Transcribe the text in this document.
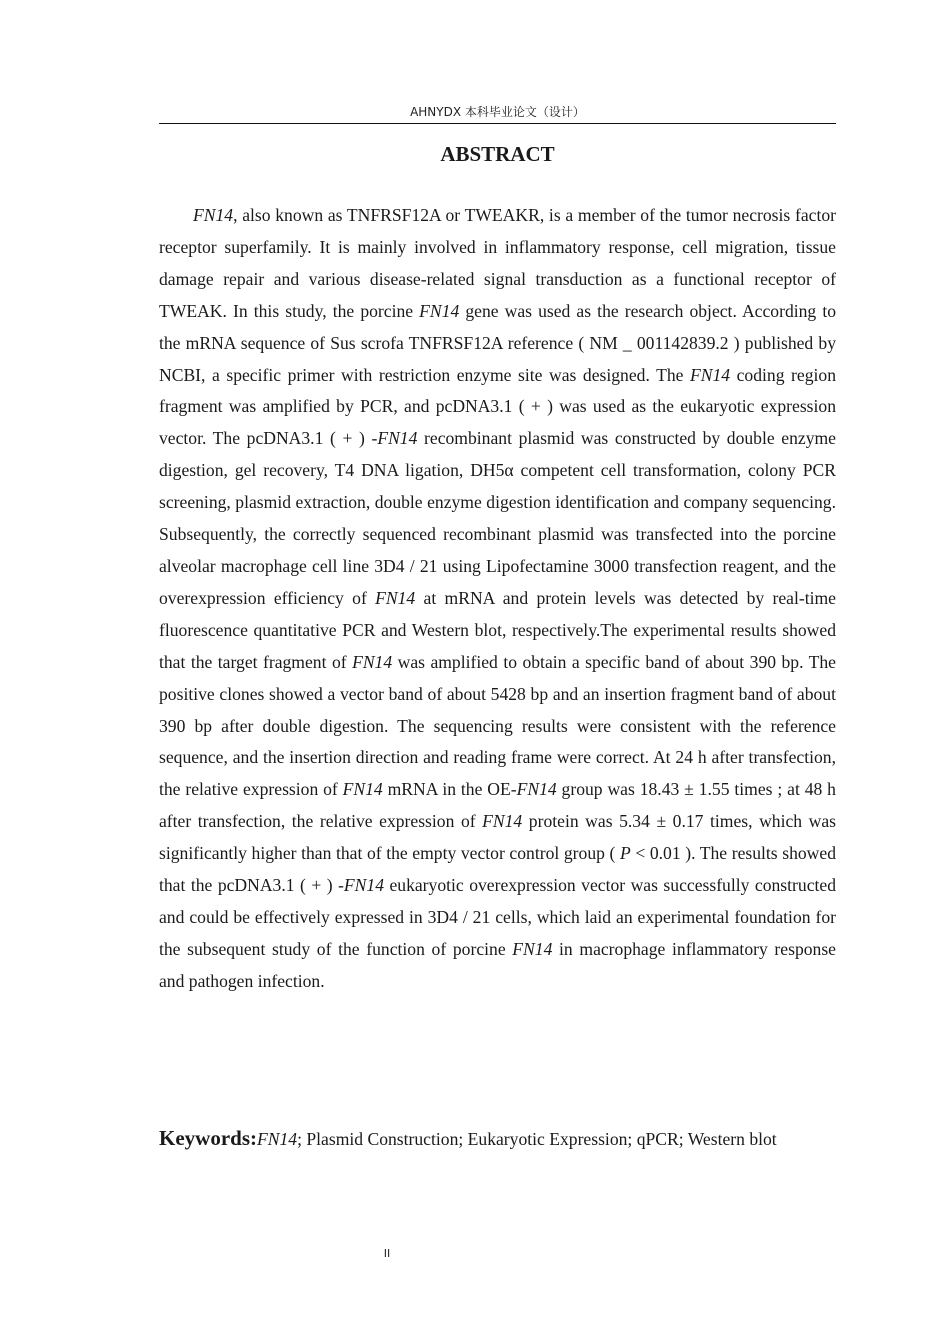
AHNYDX 本科毕业论文（设计）
ABSTRACT

FN14, also known as TNFRSF12A or TWEAKR, is a member of the tumor necrosis factor receptor superfamily. It is mainly involved in inflammatory response, cell migration, tissue damage repair and various disease-related signal transduction as a functional receptor of TWEAK. In this study, the porcine FN14 gene was used as the research object. According to the mRNA sequence of Sus scrofa TNFRSF12A reference ( NM _ 001142839.2 ) published by NCBI, a specific primer with restriction enzyme site was designed. The FN14 coding region fragment was amplified by PCR, and pcDNA3.1 ( + ) was used as the eukaryotic expression vector. The pcDNA3.1 ( + ) -FN14 recombinant plasmid was constructed by double enzyme digestion, gel recovery, T4 DNA ligation, DH5α competent cell transformation, colony PCR screening, plasmid extraction, double enzyme digestion identification and company sequencing. Subsequently, the correctly sequenced recombinant plasmid was transfected into the porcine alveolar macrophage cell line 3D4 / 21 using Lipofectamine 3000 transfection reagent, and the overexpression efficiency of FN14 at mRNA and protein levels was detected by real-time fluorescence quantitative PCR and Western blot, respectively.The experimental results showed that the target fragment of FN14 was amplified to obtain a specific band of about 390 bp. The positive clones showed a vector band of about 5428 bp and an insertion fragment band of about 390 bp after double digestion. The sequencing results were consistent with the reference sequence, and the insertion direction and reading frame were correct. At 24 h after transfection, the relative expression of FN14 mRNA in the OE-FN14 group was 18.43 ± 1.55 times ; at 48 h after transfection, the relative expression of FN14 protein was 5.34 ± 0.17 times, which was significantly higher than that of the empty vector control group ( P < 0.01 ). The results showed that the pcDNA3.1 ( + ) -FN14 eukaryotic overexpression vector was successfully constructed and could be effectively expressed in 3D4 / 21 cells, which laid an experimental foundation for the subsequent study of the function of porcine FN14 in macrophage inflammatory response and pathogen infection.

Keywords:FN14; Plasmid Construction; Eukaryotic Expression; qPCR; Western blot

II
